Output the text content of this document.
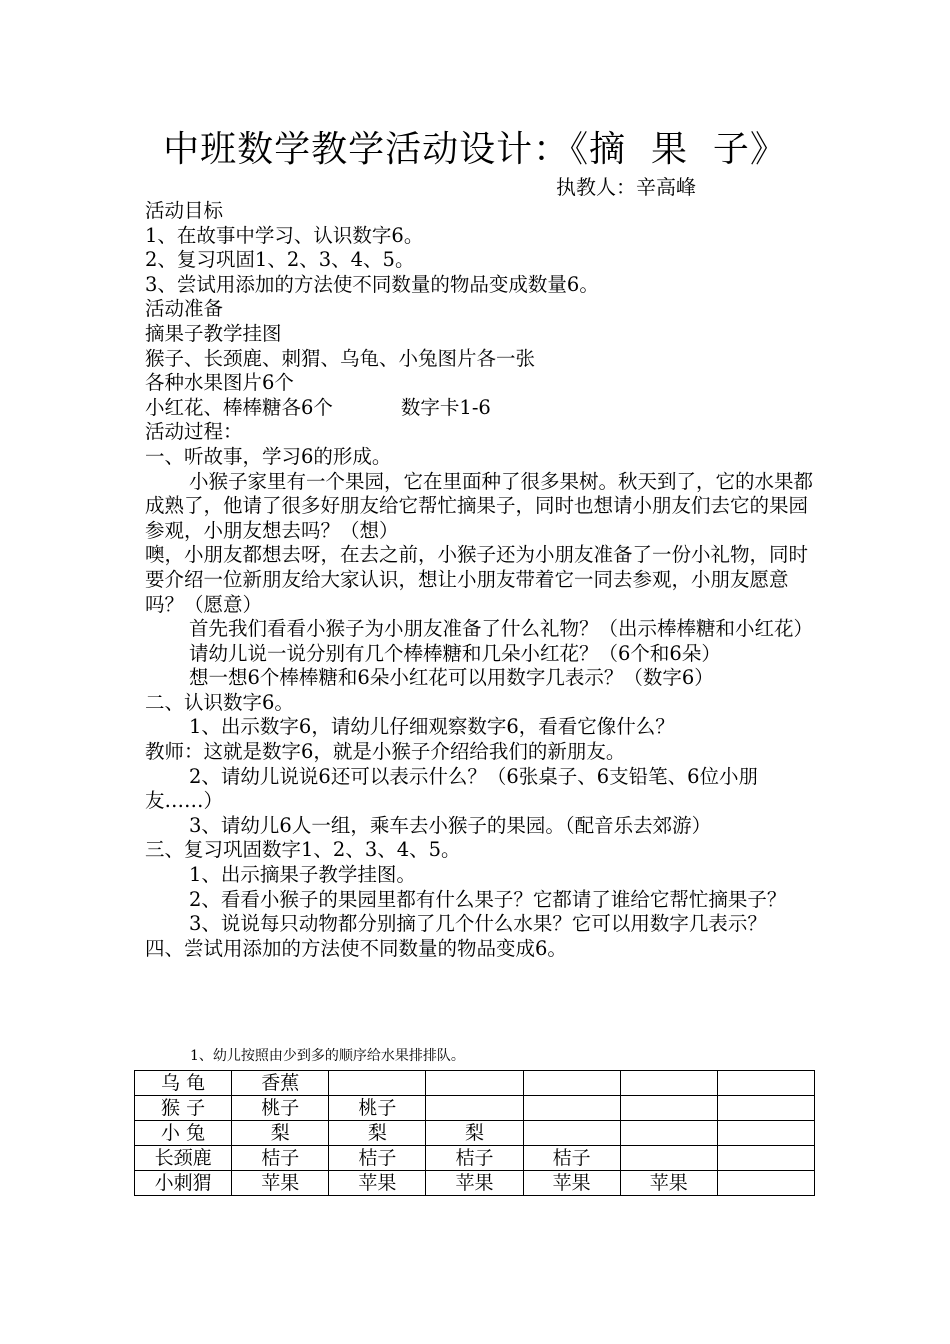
中班数学教学活动设计：《摘  果  子》
执教人：辛高峰

活动目标

1、在故事中学习、认识数字6。

2、复习巩固1、2、3、4、5。

3、尝试用添加的方法使不同数量的物品变成数量6。

活动准备

摘果子教学挂图

猴子、长颈鹿、刺猬、乌龟、小兔图片各一张

各种水果图片6个

小红花、棒棒糖各6个	数字卡1-6

活动过程：

一、听故事，学习6的形成。

小猴子家里有一个果园，它在里面种了很多果树。秋天到了，它的水果都成熟了，他请了很多好朋友给它帮忙摘果子，同时也想请小朋友们去它的果园参观，小朋友想去吗？（想）

噢，小朋友都想去呀，在去之前，小猴子还为小朋友准备了一份小礼物，同时要介绍一位新朋友给大家认识，想让小朋友带着它一同去参观，小朋友愿意吗？（愿意）

首先我们看看小猴子为小朋友准备了什么礼物？（出示棒棒糖和小红花）

请幼儿说一说分别有几个棒棒糖和几朵小红花？（6个和6朵）

想一想6个棒棒糖和6朵小红花可以用数字几表示？（数字6）

二、认识数字6。

1、出示数字6，请幼儿仔细观察数字6，看看它像什么？

教师：这就是数字6，就是小猴子介绍给我们的新朋友。

2、请幼儿说说6还可以表示什么？（6张桌子、6支铅笔、6位小朋友……）

3、请幼儿6人一组，乘车去小猴子的果园。（配音乐去郊游）

三、复习巩固数字1、2、3、4、5。

1、出示摘果子教学挂图。

2、看看小猴子的果园里都有什么果子？它都请了谁给它帮忙摘果子？

3、说说每只动物都分别摘了几个什么水果？它可以用数字几表示？

四、尝试用添加的方法使不同数量的物品变成6。

1、幼儿按照由少到多的顺序给水果排排队。
乌 龟	香蕉					
猴 子	桃子	桃子				
小 兔	梨	梨	梨			
长颈鹿	桔子	桔子	桔子	桔子		
小刺猬	苹果	苹果	苹果	苹果	苹果	
